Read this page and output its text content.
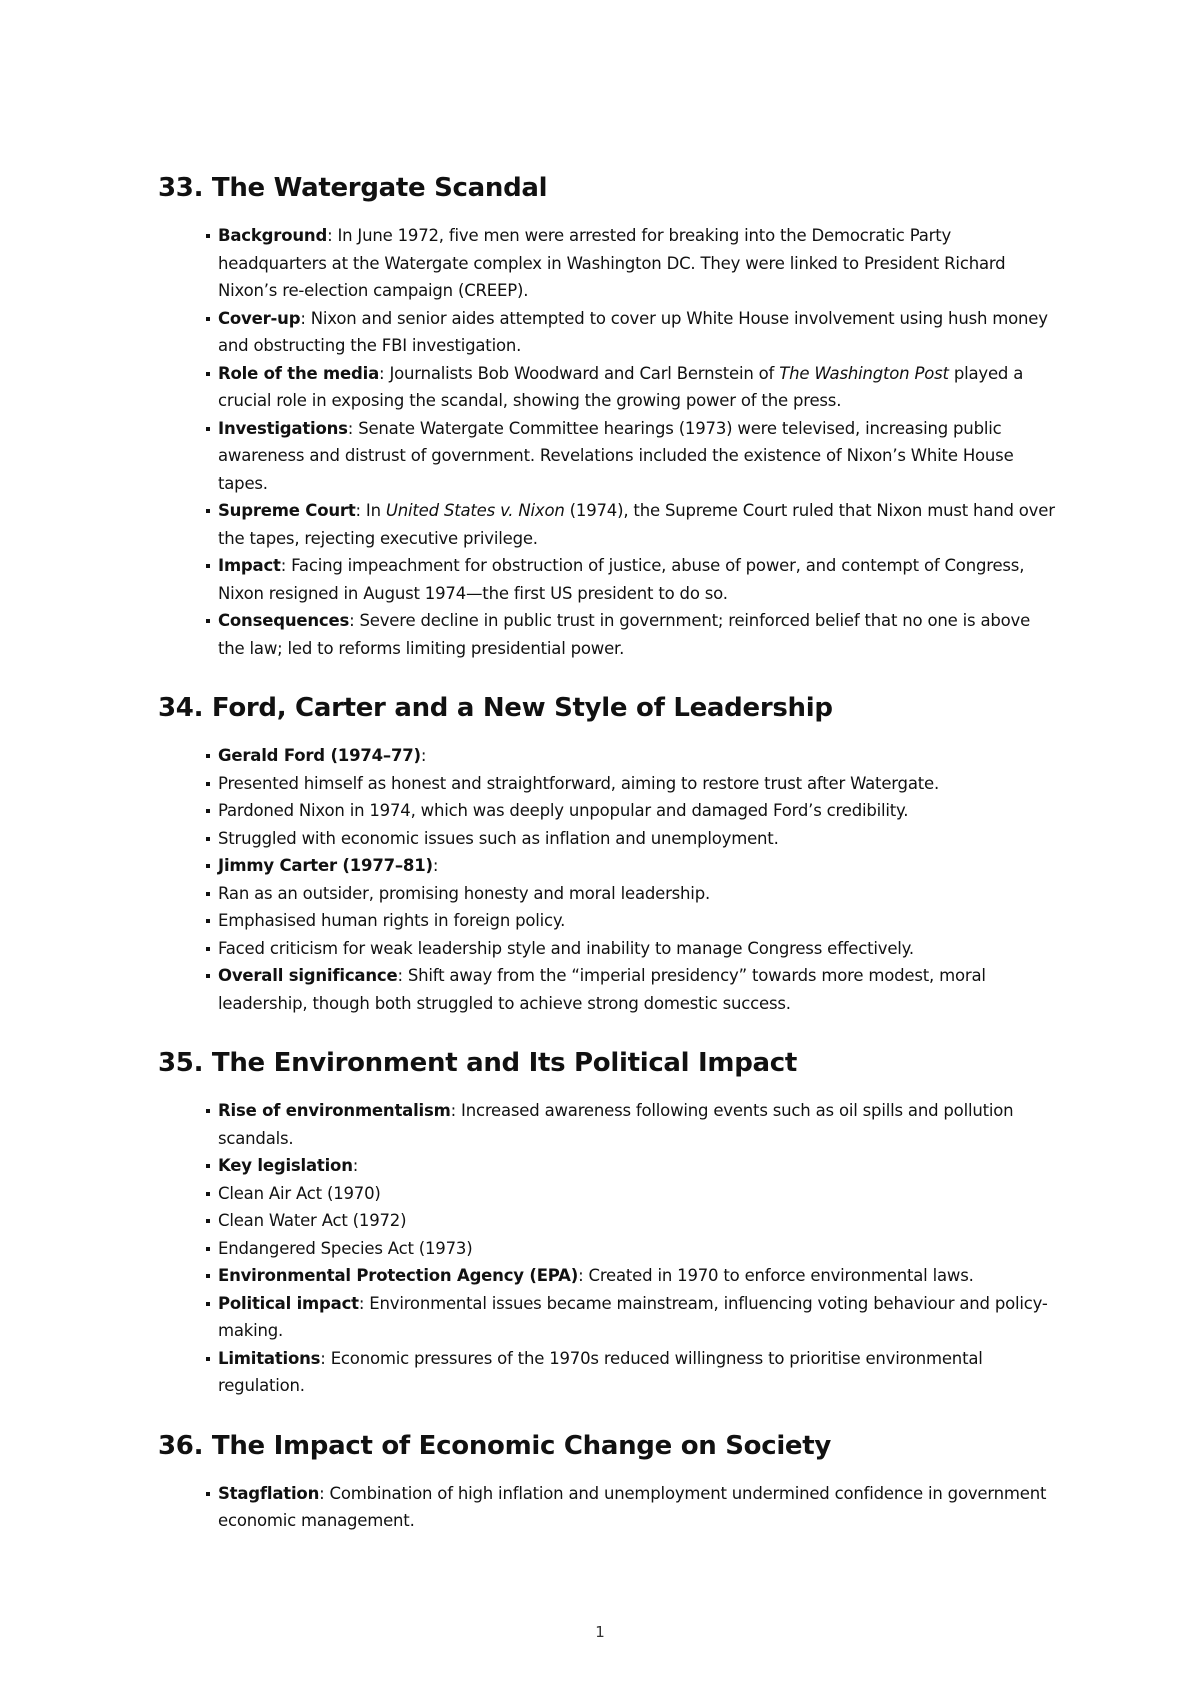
33. The Watergate Scandal
Background: In June 1972, five men were arrested for breaking into the Democratic Party headquarters at the Watergate complex in Washington DC. They were linked to President Richard Nixon’s re-election campaign (CREEP).
Cover-up: Nixon and senior aides attempted to cover up White House involvement using hush money and obstructing the FBI investigation.
Role of the media: Journalists Bob Woodward and Carl Bernstein of The Washington Post played a crucial role in exposing the scandal, showing the growing power of the press.
Investigations: Senate Watergate Committee hearings (1973) were televised, increasing public awareness and distrust of government. Revelations included the existence of Nixon’s White House tapes.
Supreme Court: In United States v. Nixon (1974), the Supreme Court ruled that Nixon must hand over the tapes, rejecting executive privilege.
Impact: Facing impeachment for obstruction of justice, abuse of power, and contempt of Congress, Nixon resigned in August 1974—the first US president to do so.
Consequences: Severe decline in public trust in government; reinforced belief that no one is above the law; led to reforms limiting presidential power.
34. Ford, Carter and a New Style of Leadership
Gerald Ford (1974–77):
Presented himself as honest and straightforward, aiming to restore trust after Watergate.
Pardoned Nixon in 1974, which was deeply unpopular and damaged Ford’s credibility.
Struggled with economic issues such as inflation and unemployment.
Jimmy Carter (1977–81):
Ran as an outsider, promising honesty and moral leadership.
Emphasised human rights in foreign policy.
Faced criticism for weak leadership style and inability to manage Congress effectively.
Overall significance: Shift away from the “imperial presidency” towards more modest, moral leadership, though both struggled to achieve strong domestic success.
35. The Environment and Its Political Impact
Rise of environmentalism: Increased awareness following events such as oil spills and pollution scandals.
Key legislation:
Clean Air Act (1970)
Clean Water Act (1972)
Endangered Species Act (1973)
Environmental Protection Agency (EPA): Created in 1970 to enforce environmental laws.
Political impact: Environmental issues became mainstream, influencing voting behaviour and policy-making.
Limitations: Economic pressures of the 1970s reduced willingness to prioritise environmental regulation.
36. The Impact of Economic Change on Society
Stagflation: Combination of high inflation and unemployment undermined confidence in government economic management.
1
